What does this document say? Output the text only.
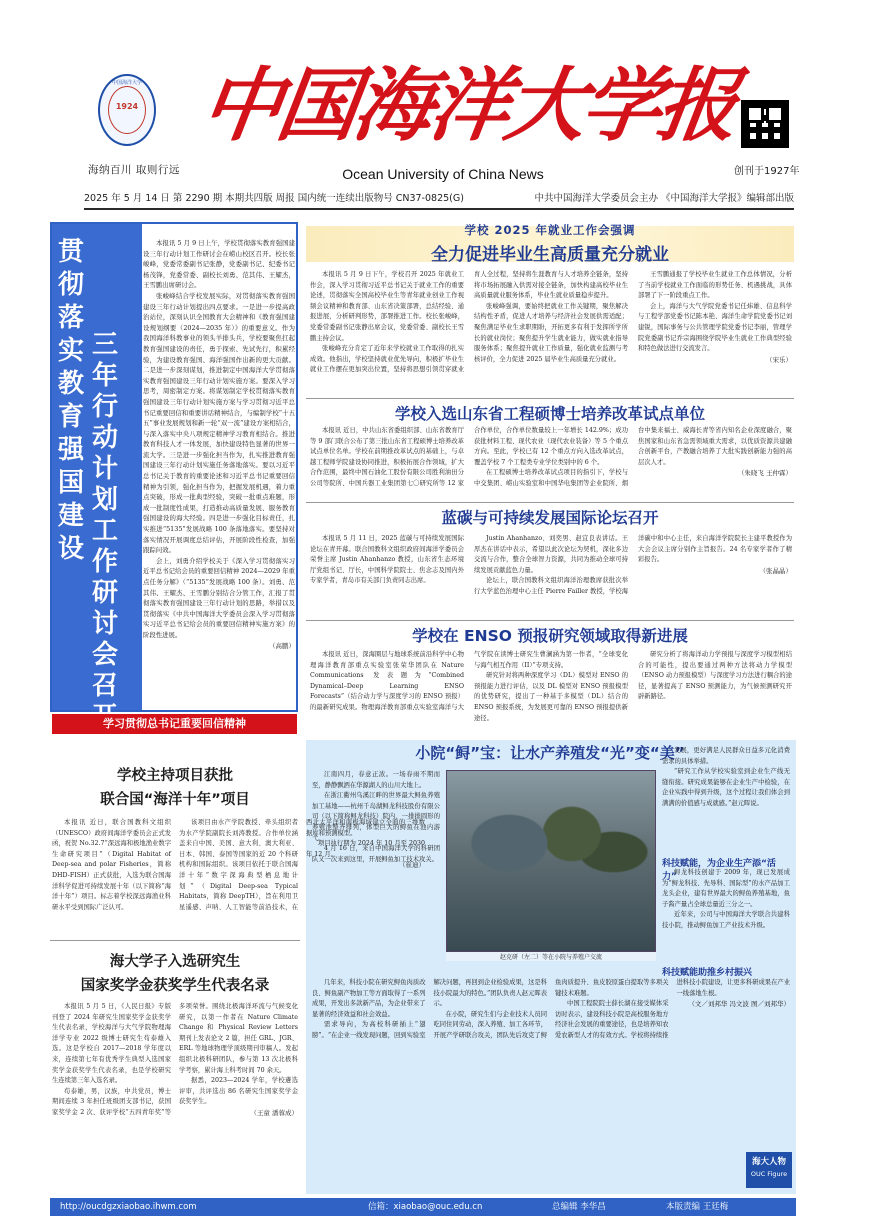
中国海洋大学
1924
海纳百川 取则行远
中国海洋大学报
Ocean University of China News	创刊于1927年
2025 年 5 月 14 日 第 2290 期 本期共四版 周报 国内统一连续出版物号 CN37-0825(G)	中共中国海洋大学委员会主办 《中国海洋大学报》编辑部出版
贯彻落实教育强国建设
三年行动计划工作研讨会召

本报讯 5 月 9 日上午，学校贯彻落实教育强国建设三年行动计划工作研讨会在崂山校区召开。校长张峻峰，党委常委副书记张静，党委副书记、纪委书记杨茂锋，党委常委、副校长刘勇、范其伟、王耀杰，王雪鹏出席研讨会。

张峻峰结合学校发展实际，对贯彻落实教育强国建设三年行动计划提出四点要求。一是进一步提高政治站位，深刻认识全国教育大会精神和《教育强国建设规划纲要（2024—2035 年）》的重要意义。作为我国海洋科教事业的领头羊排头兵，学校要聚焦扛起教育强国建设的责任，勇于探索、先试先行，积累经验，为建设教育强国、海洋强国作出新的更大贡献。二是进一步深刻谋划，推进制定中国海洋大学贯彻落实教育强国建设三年行动计划实施方案。要深入学习思考，周密制定方案。将谋划制定学校贯彻落实教育强国建设三年行动计划实施方案与学习贯彻习近平总书记重要回信和重要讲话精神结合，与编制学校“十五五”事业发展规划和新一轮“双一流”建设方案相结合，与深入落实中央八项规定精神学习教育相结合。推进教育科技人才一体发展，加快建设特色显著的世界一流大学。三是进一步强化担当作为，扎实推进教育强国建设三年行动计划实施任务落地落实。要以习近平总书记关于教育的重要论述和习近平总书记重要回信精神为引领，强化担当作为，把握发展机遇，着力重点突破，形成一批典型经验，突破一批重点难题，形成一批制度性成果，打造推动高质量发展、服务教育强国建设的海大经验。四是进一步强化目标责任，扎实推进“5135”发展战略 100 条落地落实。要坚持对落实情况开展调度总结评估，开展阶段性检查，加强跟踪问效。

会上，刘勇介绍学校关于《深入学习贯彻落实习近平总书记给会员的重要回信精神 2024—2029 年重点任务分解》（“5135”发展战略 100 条）。刘勇、范其伟、王耀杰、王雪鹏分别结合分管工作，汇报了贯彻落实教育强国建设三年行动计划的思路，举措以及贯彻落实《中共中国海洋大学委员会深入学习贯彻落实习近平总书记给会员的重要回信精神实施方案》的阶段性进展。

（高鹏）
学习贯彻总书记重要回信精神
学校 2025 年就业工作会强调
全力促进毕业生高质量充分就业

本报讯 5 月 9 日下午，学校召开 2025 年就业工作会，深入学习贯彻习近平总书记关于就业工作的重要论述，贯彻落实全国高校毕业生等青年就业创业工作视频会议精神和教育部、山东省决策部署，总结经验、通报进展，分析研判形势，部署推进工作。校长张峻峰，党委常委副书记张静出席会议，党委常委、副校长王雪鹏主持会议。

张峻峰充分肯定了近年来学校就业工作取得的扎实成效。他指出，学校坚持就业优先导向，积极扩毕业生就业工作摆在更加突出位置，坚持将思想引领贯穿就业育人全过程，坚持将生涯教育与人才培养全链条，坚持将市场拓展融入供需对接全链条，加快构建高校毕业生高质量就业服务体系，毕业生就业质量稳步提升。

张峻峰强调，要始终把就业工作关键期，聚焦解决结构性矛盾，促进人才培养与经济社会发展供需适配；聚焦满足毕业生求职期盼，开拓更多有利于发挥所学所长的就业岗位；聚焦提升学生就业能力，做实就业指导服务体系；聚焦提升就业工作质量，强化就业监测与考核评价，全力促进 2025 届毕业生高质量充分就业。

王雪鹏通报了学校毕业生就业工作总体情况，分析了当前学校就业工作面临的形势任务、机遇挑战，具体部署了下一阶段重点工作。

会上，海洋与大气学院党委书记任炜雄、信息科学与工程学部党委书记陈本艳、海洋生命学院党委书记刘建锐，国际事务与公共管理学院党委书记李丽，管理学院党委副书记乔宗海围绕学院毕业生就业工作典型经验和特色做法进行交流发言。

（宋乐）
学校入选山东省工程硕博士培养改革试点单位

本报讯 近日，中共山东省委组织部、山东省教育厅等 9 部门联合公布了第三批山东省工程硕博士培养改革试点单位名单。学校在前期推改革试点的基础上，与卓越工程师学院建设协同推进，积极拓展合作领域，扩大合作范围，最终中国石油化工股份有限公司胜利油田分公司等院所、中国兵器工业集团第七〇研究所等 12 家合作单位，合作单位数量较上一年增长 142.9%；成功获批材料工程、现代农业（现代农业装备）等 5 个重点方向。至此，学校已有 12 个重点方向入选改革试点，覆盖学校 7 个工程类专业学位类别中的 6 个。

在工程硕博士培养改革试点项目的指引下，学校与中交集团、崂山实验室和中国华电集团等企业院所、烟台中集来福士、威海长青等省内知名企业深度融合，聚焦国家和山东省急需领域重大需求，以优质资源共建融合创新平台，产教融合培养了大批实践创新能力强的高层次人才。

（朱晓飞 王仲霖）
蓝碳与可持续发展国际论坛召开

本报讯 5 月 11 日，2025 蓝碳与可持续发展国际论坛在青开幕。联合国教科文组织政府间海洋学委员会荣誉主席 Justin Ahanhanzo 教授，山东省生态环境厅党组书记、厅长，中国科学院院士、焦念志及国内外专家学者，青岛市有关部门负责同志出席。

Justin Ahanhanzo、刘奕男、赵宜良表讲话。王厚杰在讲话中表示，希望以此次论坛为契机，深化多边交流与合作，整合全球智力资源，共同为推动全球可持续发展贡献蓝色力量。

论坛上，联合国教科文组织海洋治理教席获批次举行大学蓝色治理中心主任 Pierre Failler 教授，学校海洋碳中和中心主任，来自海洋学院院长主建平教授作为大会会议主席分别作主旨报告。24 名专家学者作了精彩报告。

（张晶晶）
学校在 ENSO 预报研究领域取得新进展

本报讯 近日，深海圈层与地球系统前沿科学中心物理海洋教育部重点实验室张荣华团队在 Nature Communications 发表题为“Combined Dynamical–Deep Learning ENSO Forecasts”（结合动力学与深度学习的 ENSO 预报）的最新研究成果。物理海洋教育部重点实验室海洋与大气学院在读博士研究生曹澜涵为第一作者，“全球变化与海气相互作用（II）”专项支持。

研究针对将两种深度学习（DL）模型对 ENSO 的预报能力进行评估，以及 DL 模型对 ENSO 预报模型的优势研究，提出了一种基于多模型（DL）结合的ENSO 预报系统，为发展更可靠的 ENSO 预报提供新途径。

研究分析了将海洋动力学预报与深度学习模型相结合的可能性，提出要通过两种方法将动力学模型（ENSO 动力预报模型）与深度学习方法进行耦合的途径，显著提高了 ENSO 预测能力，为气候预测研究开辟新路径。

小院“鲟”宝：让水产养殖发“光”变“美”

江南四月，春意正浓。一场春雨不期而至，静静飘洒在华源湖人的山川大地上。

在浙江衢州乌溪江畔的世界最大鲟鱼养殖加工基地——杭州千岛湖鲟龙科技股份有限公司（以下简称鲟龙科技）院内，一排排圆形的养殖池整齐排列，体型巨大的鲟鱼在池内游弋。

4 月 16 日，来自中国海洋大学的科研团队又一次来到这里，开展鲟鱼加工技术攻关。

赵克研（左二）等在小院与养殖户交流

发展，更好满足人民群众日益多元化消费需求的具体举措。

“研究工作从学校实验室到企业生产线无缝衔接。研究成果能够在企业生产中检验，在企业实践中得到升级，这个过程让我们体会到满满的价值感与成就感。”赵元晖说。

科技赋能，为企业生产添“活力”

鲟龙科技创建于 2009 年，现已发展成为“鲟龙科技、先导科、国际型”的水产品加工龙头企业，建有世界最大的鲟鱼养殖基地，鱼子酱产量占全球总量近三分之一。

近年来，公司与中国海洋大学联合共建科技小院，推动鲟鱼加工产业技术升级。

科技赋能助推乡村振兴

几年来，科技小院在研究鲟鱼肉质改良、鲟鱼副产物加工等方面取得了一系列成果，开发出多款新产品，为企业带来了显著的经济效益和社会效益。

需求导向，为高校科研插上“翅膀”。“在企业一线发现问题，回到实验室解决问题，再回到企业检验成果，这是科技小院最大的特色。”团队负责人赵元晖表示。

在小院，研究生们与企业技术人员同吃同住同劳动，深入养殖、加工各环节，开展产学研联合攻关，团队先后攻克了鲟鱼肉质提升、鱼皮胶原蛋白提取等多项关键技术难题。

中国工程院院士薛长湖在接受媒体采访时表示，建设科技小院是高校服务地方经济社会发展的重要途径，也是培养知农爱农新型人才的有效方式。学校将持续推进科技小院建设，让更多科研成果在产业一线落地生根。

（文／刘邦华 冯文波 图／刘邦华）
海大人物
OUC Figure
学校主持项目获批
联合国“海洋十年”项目

本报讯 近日，联合国教科文组织（UNESCO）政府间海洋学委员会正式发函，祝贺 No.32.7“深远海和极地渔业数字生命研究项目”（Digital Habitat of Deep-sea and polar Fisheries，简称 DHD-FISH）正式获批，入选为联合国海洋科学促进可持续发展十年（以下简称“海洋十年”）项目。标志着学校深远海渔业科研水平受到国际广泛认可。

该项目由水产学院教授、牵头组织者为水产学院副院长刘涛教授。合作单位涵盖来自中国、美国、意大利、澳大利亚、日本、韩国、泰国等国家的近 20 个科研机构和国际组织。该项目依托于联合国海洋十年“数字深海典型栖息地计划”（Digital Deep-sea Typical Habitats，简称 DeepTH），旨在利用卫星遥感、声呐、人工智能等前沿技术，在西北太平洋和南极海域建立全面的三维数据库和预测模型。

项目执行期为 2024 年 10 月至 2030 年 12 月。

（崔迪）
海大学子入选研究生
国家奖学金获奖学生代表名录

本报讯 5 月 5 日，《人民日报》专版刊登了 2024 年研究生国家奖学金获奖学生代表名录，学校海洋与大气学院物理海洋学专业 2022 级博士研究生苟泰雄入选。这是学校自 2017—2018 学年度以来，连续第七年有优秀学生典型入选国家奖学金获奖学生代表名录，也是学校研究生连续第三年入选名录。

苟泰雄，男，汉族，中共党员，博士期间连续 3 年担任班级团支部书记，获国家奖学金 2 次、获评学校“五四青年奖”等多项荣誉。围绕北极海洋环流与气候变化研究，以第一作者在 Nature Climate Change 和 Physical Review Letters 期刊上发表论文 2 篇，担任 GRL、JGR、ERL 等地球物理学顶级期刊审稿人。发起组织北极科研团队，参与第 13 次北极科学考察，累计海上科考时间 70 余天。

据悉，2023—2024 学年，学校遴选评审，共评选出 86 名研究生国家奖学金获奖学生。

（王童 潘蓉成）
http://oucdgzxiaobao.ihwm.com	信箱：xiaobao@ouc.edu.cn	总编辑 李华昌	本版责编 王廷梅
